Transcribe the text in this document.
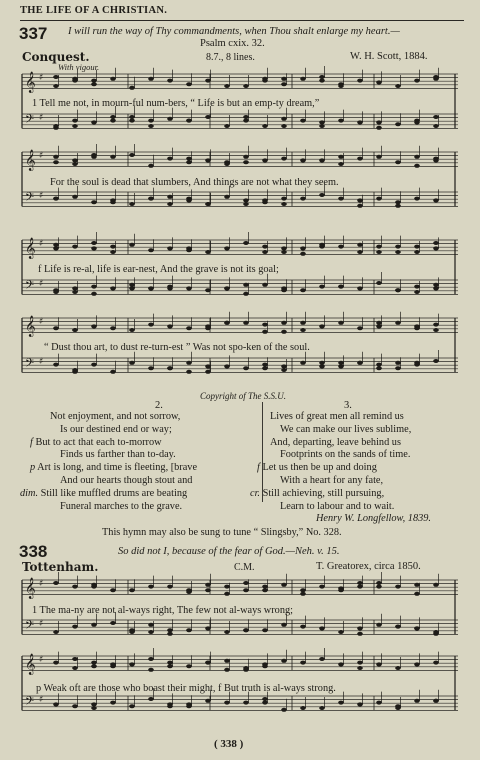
THE LIFE OF A CHRISTIAN.
337 I will run the way of Thy commandments, when Thou shalt enlarge my heart.—
Psalm cxix. 32.
Conquest.	8.7., 8 lines.	W. H. Scott, 1884.
With vigour.
𝄞
𝄢
♯
♯
1 Tell me not, in mourn-ful num-bers, “ Life is but an emp-ty dream,”
𝄞
𝄢
♯
♯
For the soul is dead that slumbers, And things are not what they seem.
𝄞
𝄢
♯
♯
f Life is re-al, life is ear-nest, And the grave is not its goal;
𝄞
𝄢
♯
♯
“ Dust thou art, to dust re-turn-est ” Was not spo-ken of the soul.
Copyright of The S.S.U.
2.	3.
Not enjoyment, and not sorrow,
Is our destined end or way;
f But to act that each to-morrow
Finds us farther than to-day.
p Art is long, and time is fleeting, [brave
And our hearts though stout and
dim. Still like muffled drums are beating
Funeral marches to the grave.
Lives of great men all remind us
We can make our lives sublime,
And, departing, leave behind us
Footprints on the sands of time.
f Let us then be up and doing
With a heart for any fate,
cr. Still achieving, still pursuing,
Learn to labour and to wait.
Henry W. Longfellow, 1839.
This hymn may also be sung to tune “ Slingsby,” No. 328.
338	So did not I, because of the fear of God.—Neh. v. 15.
Tottenham.	C.M.	T. Greatorex, circa 1850.
𝄞
𝄢
♯
♯
1 The ma-ny are not al-ways right, The few not al-ways wrong;
𝄞
𝄢
♯
♯
p Weak oft are those who boast their might, f But truth is al-ways strong.
( 338 )
